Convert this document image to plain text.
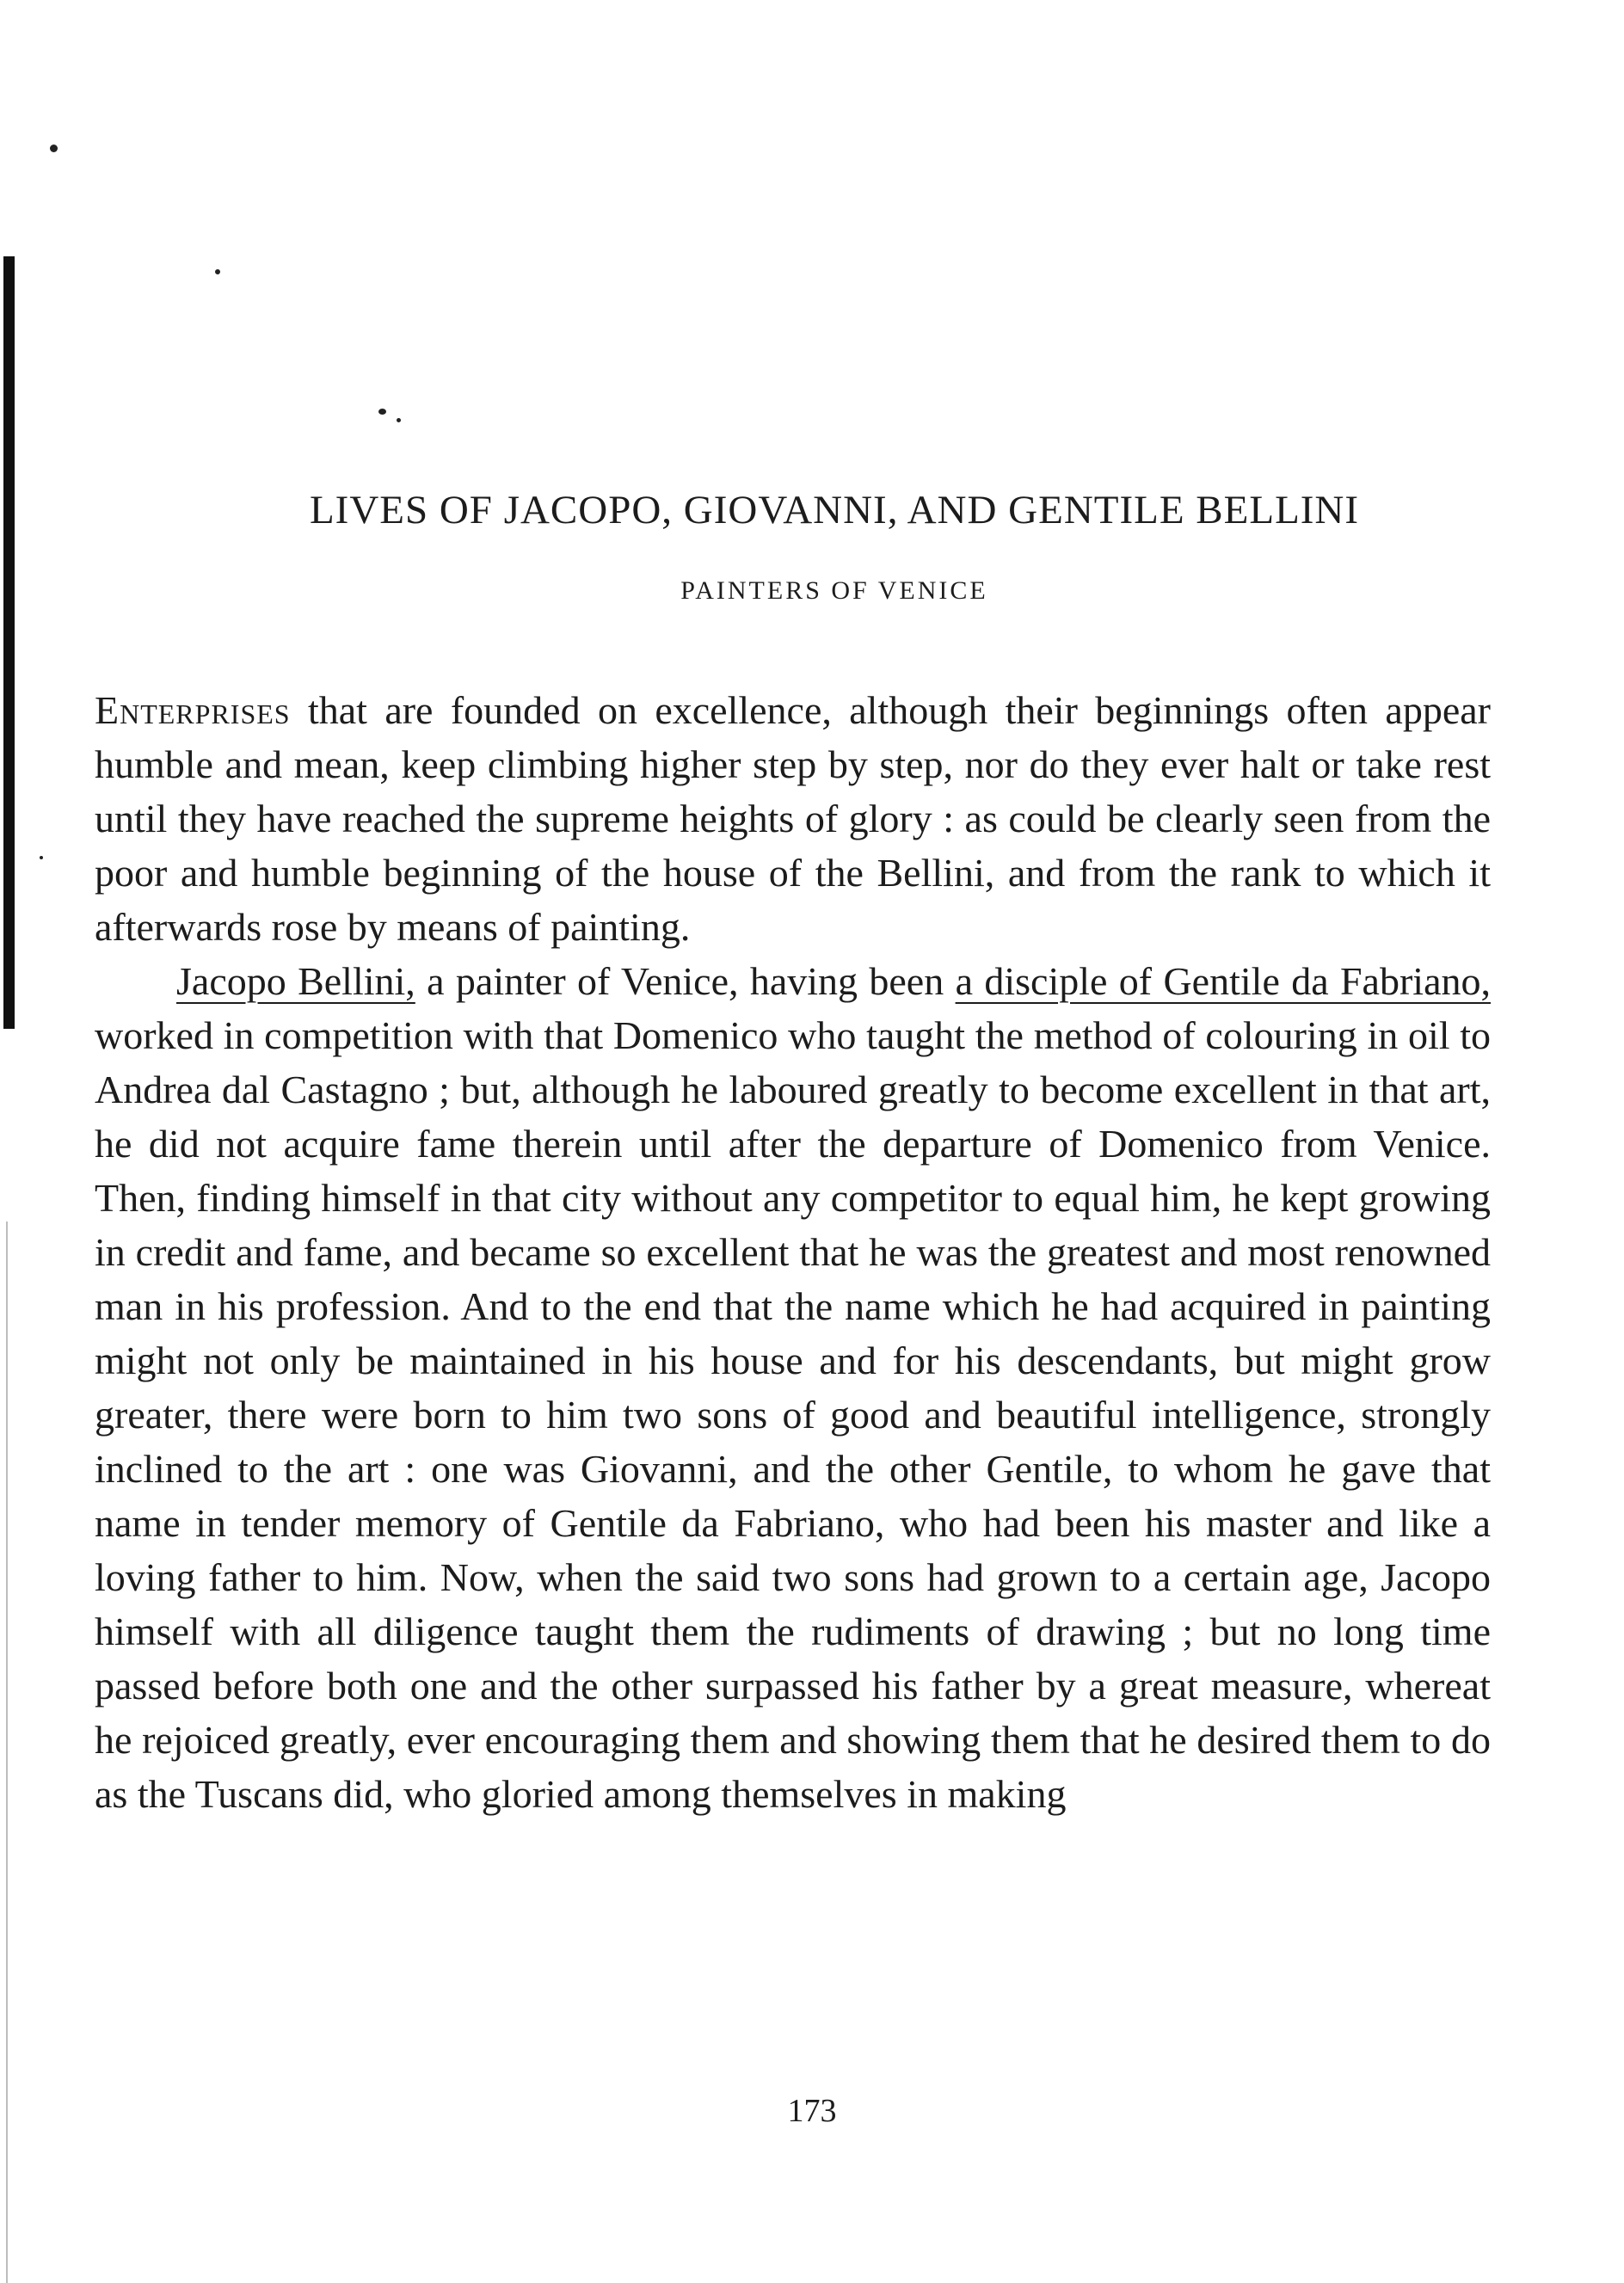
LIVES OF JACOPO, GIOVANNI, AND GENTILE BELLINI
PAINTERS OF VENICE

Enterprises that are founded on excellence, although their beginnings often appear humble and mean, keep climbing higher step by step, nor do they ever halt or take rest until they have reached the supreme heights of glory : as could be clearly seen from the poor and humble beginning of the house of the Bellini, and from the rank to which it afterwards rose by means of painting.

Jacopo Bellini, a painter of Venice, having been a disciple of Gentile da Fabriano, worked in competition with that Domenico who taught the method of colouring in oil to Andrea dal Castagno ; but, although he laboured greatly to become excellent in that art, he did not acquire fame therein until after the departure of Domenico from Venice. Then, finding himself in that city without any competitor to equal him, he kept growing in credit and fame, and became so excellent that he was the greatest and most renowned man in his profession. And to the end that the name which he had acquired in painting might not only be maintained in his house and for his descendants, but might grow greater, there were born to him two sons of good and beautiful intelligence, strongly inclined to the art : one was Giovanni, and the other Gentile, to whom he gave that name in tender memory of Gentile da Fabriano, who had been his master and like a loving father to him. Now, when the said two sons had grown to a certain age, Jacopo himself with all diligence taught them the rudiments of drawing ; but no long time passed before both one and the other surpassed his father by a great measure, whereat he rejoiced greatly, ever encouraging them and showing them that he desired them to do as the Tuscans did, who gloried among themselves in making

173
